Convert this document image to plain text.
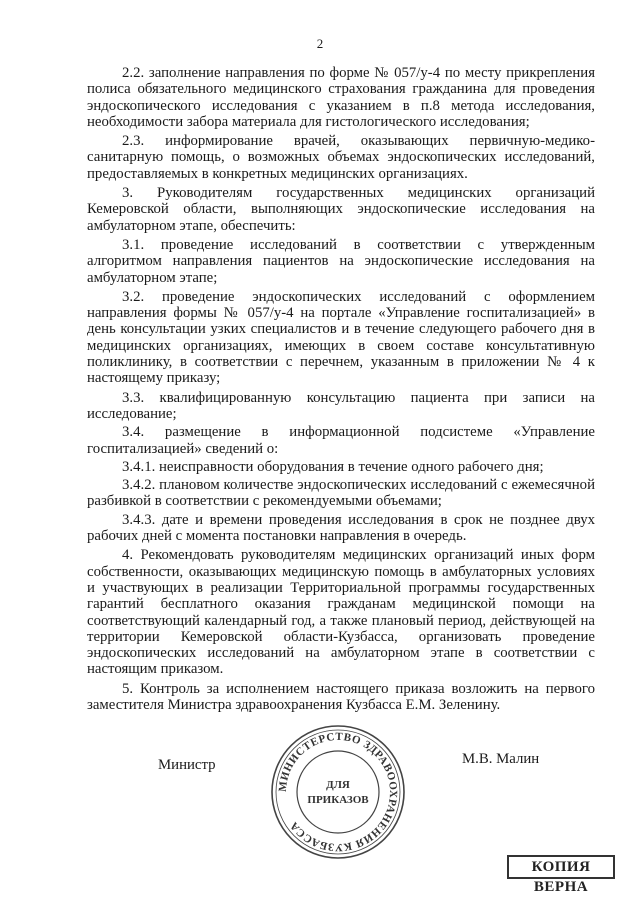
2

2.2. заполнение направления по форме № 057/у-4 по месту прикрепления полиса обязательного медицинского страхования гражданина для проведения эндоскопического исследования с указанием в п.8 метода исследования, необходимости забора материала для гистологического исследования;

2.3. информирование врачей, оказывающих первичную-медико-санитарную помощь, о возможных объемах эндоскопических исследований, предоставляемых в конкретных медицинских организациях.

3. Руководителям государственных медицинских организаций Кемеровской области, выполняющих эндоскопические исследования на амбулаторном этапе, обеспечить:

3.1. проведение исследований в соответствии с утвержденным алгоритмом направления пациентов на эндоскопические исследования на амбулаторном этапе;

3.2. проведение эндоскопических исследований с оформлением направления формы № 057/у-4 на портале «Управление госпитализацией» в день консультации узких специалистов и в течение следующего рабочего дня в медицинских организациях, имеющих в своем составе консультативную поликлинику, в соответствии с перечнем, указанным в приложении № 4 к настоящему приказу;

3.3. квалифицированную консультацию пациента при записи на исследование;

3.4. размещение в информационной подсистеме «Управление госпитализацией» сведений о:

3.4.1. неисправности оборудования в течение одного рабочего дня;

3.4.2. плановом количестве эндоскопических исследований с ежемесячной разбивкой в соответствии с рекомендуемыми объемами;

3.4.3. дате и времени проведения исследования в срок не позднее двух рабочих дней с момента постановки направления в очередь.

4. Рекомендовать руководителям медицинских организаций иных форм собственности, оказывающих медицинскую помощь в амбулаторных условиях и участвующих в реализации Территориальной программы государственных гарантий бесплатного оказания гражданам медицинской помощи на соответствующий календарный год, а также плановый период, действующей на территории Кемеровской области-Кузбасса, организовать проведение эндоскопических исследований на амбулаторном этапе в соответствии с настоящим приказом.

5. Контроль за исполнением настоящего приказа возложить на первого заместителя Министра здравоохранения Кузбасса Е.М. Зеленину.

Министр	М.В. Малин
МИНИСТЕРСТВО ЗДРАВООХРАНЕНИЯ КУЗБАССА
ДЛЯ
ПРИКАЗОВ
КОПИЯ ВЕРНА
